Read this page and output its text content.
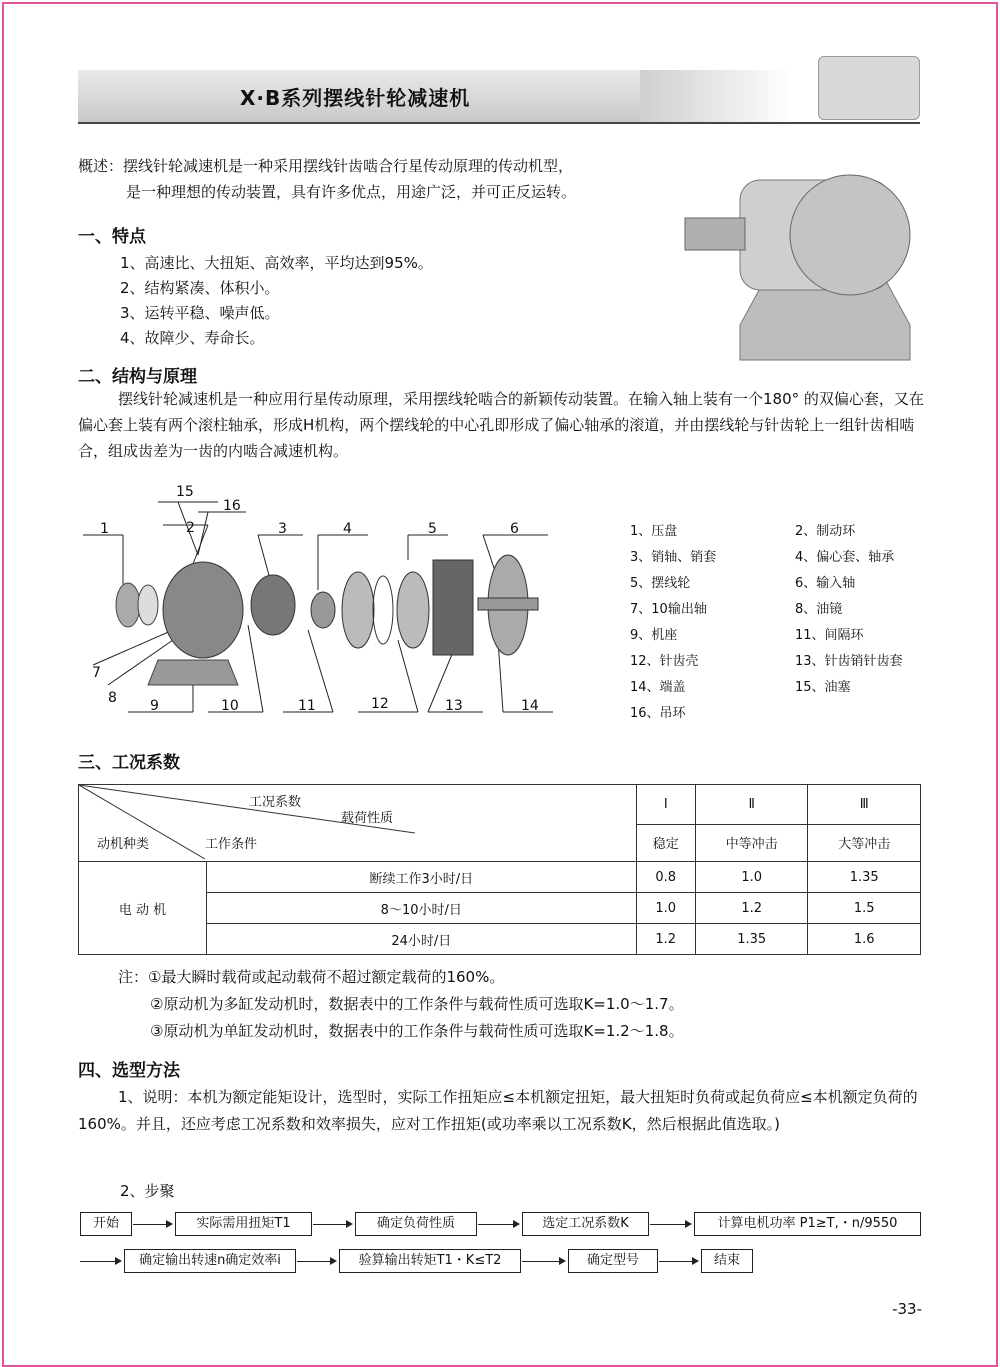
X·B系列摆线针轮减速机
概述：摆线针轮减速机是一种采用摆线针齿啮合行星传动原理的传动机型，
是一种理想的传动装置，具有许多优点，用途广泛，并可正反运转。
一、特点
1、高速比、大扭矩、高效率，平均达到95%。
2、结构紧凑、体积小。
3、运转平稳、噪声低。
4、故障少、寿命长。
二、结构与原理
摆线针轮减速机是一种应用行星传动原理，采用摆线轮啮合的新颖传动装置。在输入轴上装有一个180° 的双偏心套，又在偏心套上装有两个滚柱轴承，形成H机构，两个摆线轮的中心孔即形成了偏心轴承的滚道，并由摆线轮与针齿轮上一组针齿相啮合，组成齿差为一齿的内啮合减速机构。
1	2	3	4	5	6
7
8 9	10	11	12	13	14
15
16
1、压盘	2、制动环
3、销轴、销套	4、偏心套、轴承
5、摆线轮	6、输入轴
7、10输出轴	8、油镜
9、机座	11、间隔环
12、针齿壳	13、针齿销针齿套
14、端盖	15、油塞
16、吊环
三、工况系数
工况系数
载荷性质
工作条件
动机种类		Ⅰ	Ⅱ	Ⅲ
		稳定	中等冲击	大等冲击
电 动 机	断续工作3小时/日	0.8	1.0	1.35
	8～10小时/日	1.0	1.2	1.5
	24小时/日	1.2	1.35	1.6
注：①最大瞬时载荷或起动载荷不超过额定载荷的160%。
②原动机为多缸发动机时，数据表中的工作条件与载荷性质可选取K=1.0～1.7。
③原动机为单缸发动机时，数据表中的工作条件与载荷性质可选取K=1.2～1.8。
四、选型方法
1、说明：本机为额定能矩设计，选型时，实际工作扭矩应≤本机额定扭矩，最大扭矩时负荷或起负荷应≤本机额定负荷的160%。并且，还应考虑工况系数和效率损失，应对工作扭矩(或功率乘以工况系数K，然后根据此值选取。)
2、步聚
开始	实际需用扭矩T1	确定负荷性质	选定工况系数K	计算电机功率 P1≥T,・n/9550
确定输出转速n确定效率i	验算输出转矩T1・K≤T2	确定型号	结束
-33-
